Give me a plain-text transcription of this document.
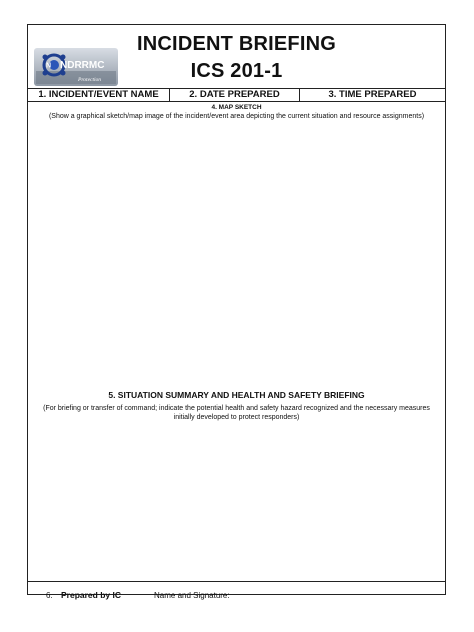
N NDRRMC
Protection
INCIDENT BRIEFING
ICS 201-1
1. INCIDENT/EVENT NAME	2. DATE PREPARED	3. TIME PREPARED
4. MAP SKETCH
(Show a graphical sketch/map image of the incident/event area depicting the current situation and resource assignments)
5. SITUATION SUMMARY AND HEALTH AND SAFETY BRIEFING
(For briefing or transfer of command; indicate the potential health and safety hazard recognized and the necessary measures initially developed to protect responders)
6. Prepared by IC	Name and Signature:
